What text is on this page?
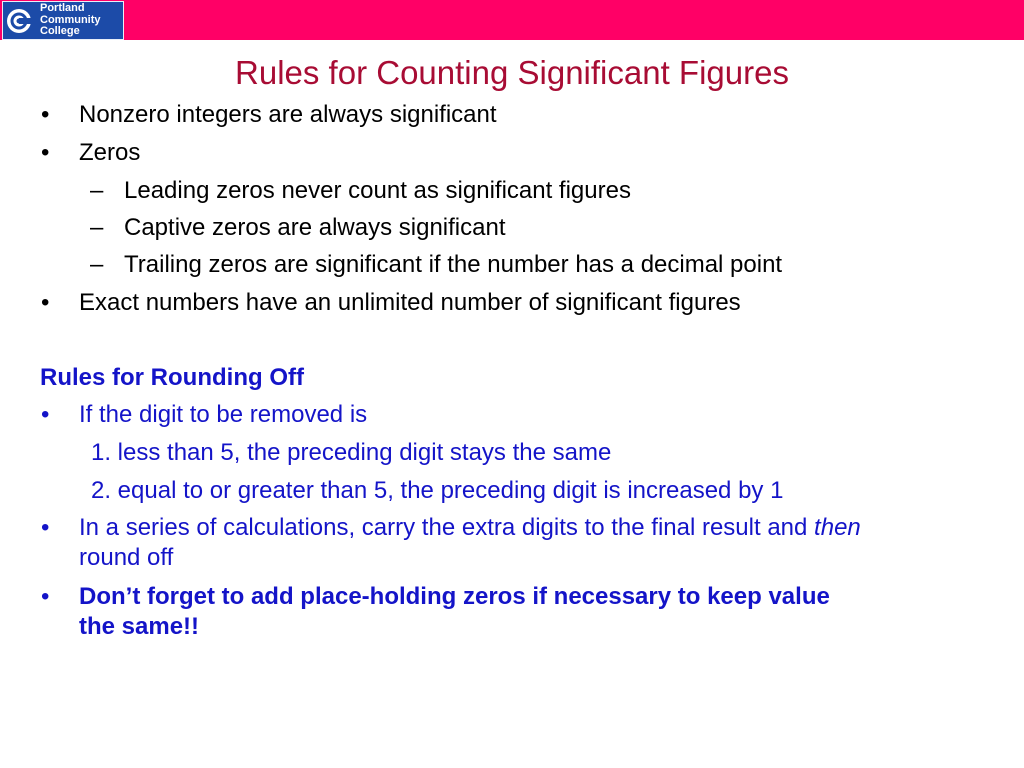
Portland
Community
College
Rules for Counting Significant Figures
• Nonzero integers are always significant
• Zeros
– Leading zeros never count as significant figures
– Captive zeros are always significant
– Trailing zeros are significant if the number has a decimal point
• Exact numbers have an unlimited number of significant figures
Rules for Rounding Off
• If the digit to be removed is
1. less than 5, the preceding digit stays the same
2. equal to or greater than 5, the preceding digit is increased by 1
• In a series of calculations, carry the extra digits to the final result and then
round off
• Don’t forget to add place-holding zeros if necessary to keep value
the same!!
